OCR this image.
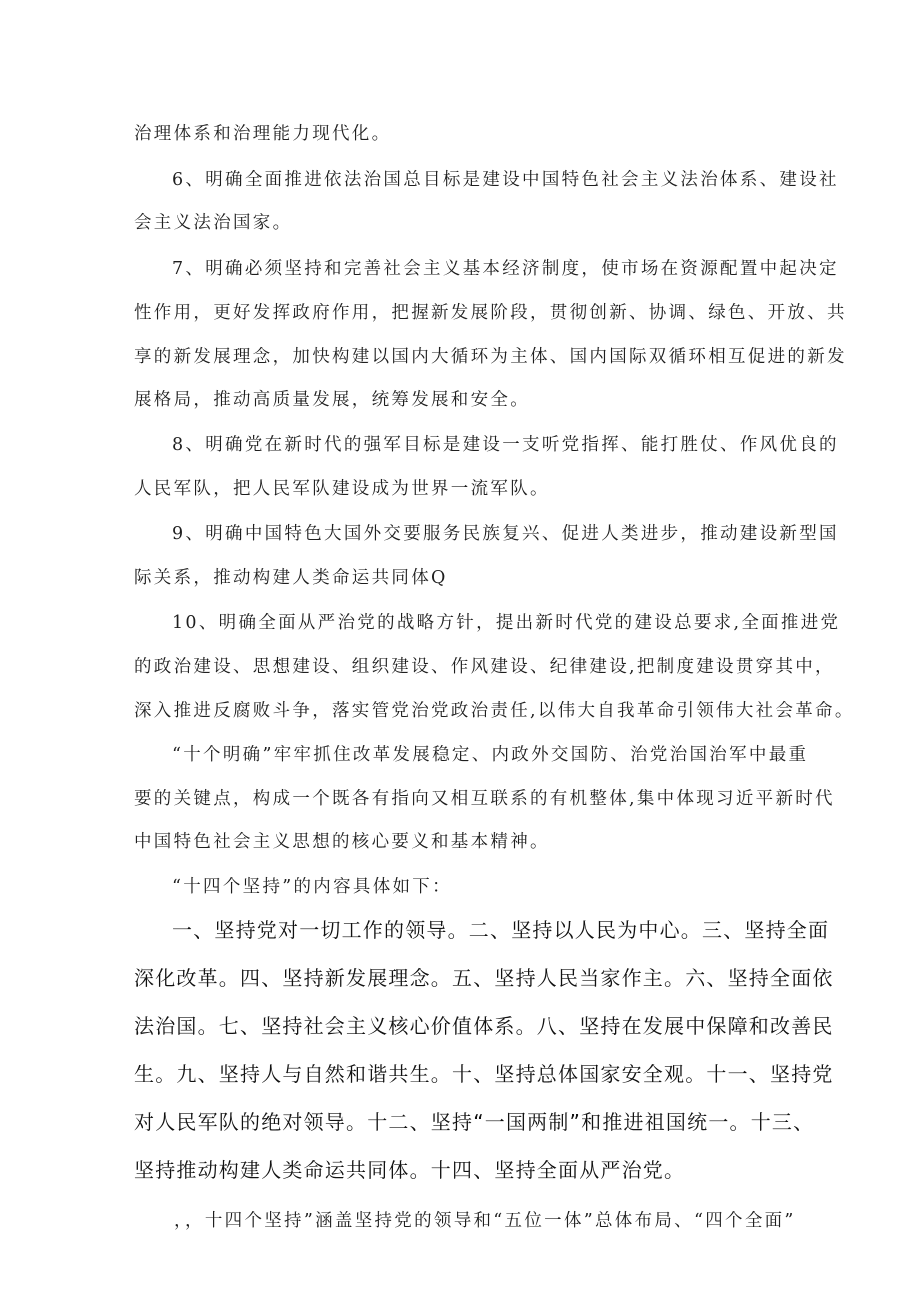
治理体系和治理能力现代化。
6、明确全面推进依法治国总目标是建设中国特色社会主义法治体系、建设社
会主义法治国家。
7、明确必须坚持和完善社会主义基本经济制度，使市场在资源配置中起决定
性作用，更好发挥政府作用，把握新发展阶段，贯彻创新、协调、绿色、开放、共
享的新发展理念，加快构建以国内大循环为主体、国内国际双循环相互促进的新发
展格局，推动高质量发展，统筹发展和安全。
8、明确党在新时代的强军目标是建设一支听党指挥、能打胜仗、作风优良的
人民军队，把人民军队建设成为世界一流军队。
9、明确中国特色大国外交要服务民族复兴、促进人类进步，推动建设新型国
际关系，推动构建人类命运共同体Q
10、明确全面从严治党的战略方针，提出新时代党的建设总要求,全面推进党
的政治建设、思想建设、组织建设、作风建设、纪律建设,把制度建设贯穿其中，
深入推进反腐败斗争，落实管党治党政治责任,以伟大自我革命引领伟大社会革命。
“十个明确”牢牢抓住改革发展稳定、内政外交国防、治党治国治军中最重
要的关键点，构成一个既各有指向又相互联系的有机整体,集中体现习近平新时代
中国特色社会主义思想的核心要义和基本精神。
“十四个坚持”的内容具体如下：
一、坚持党对一切工作的领导。二、坚持以人民为中心。三、坚持全面
深化改革。四、坚持新发展理念。五、坚持人民当家作主。六、坚持全面依
法治国。七、坚持社会主义核心价值体系。八、坚持在发展中保障和改善民
生。九、坚持人与自然和谐共生。十、坚持总体国家安全观。十一、坚持党
对人民军队的绝对领导。十二、坚持“一国两制”和推进祖国统一。十三、
坚持推动构建人类命运共同体。十四、坚持全面从严治党。
，，十四个坚持”涵盖坚持党的领导和“五位一体”总体布局、“四个全面”
